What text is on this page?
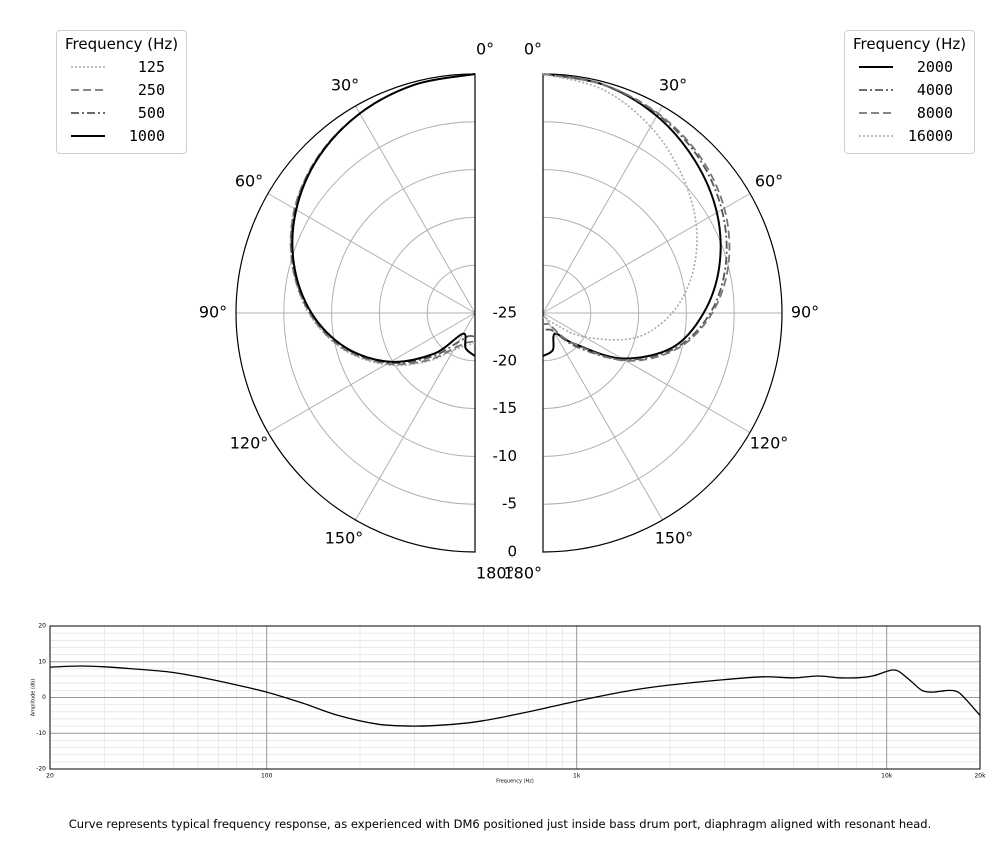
0°
30°
60°
90°
120°
150°
180°
-25
-20
-15
-10
-5
0
0°
30°
60°
90°
120°
150°
180°
20
10
0
-10
-20
20	100	1k	10k	20k
Frequency (Hz)
Amplitude (db)
Frequency (Hz)
125
250
500
1000
Frequency (Hz)
2000
4000
8000
16000
Curve represents typical frequency response, as experienced with DM6 positioned just inside bass drum port, diaphragm aligned with resonant head.
